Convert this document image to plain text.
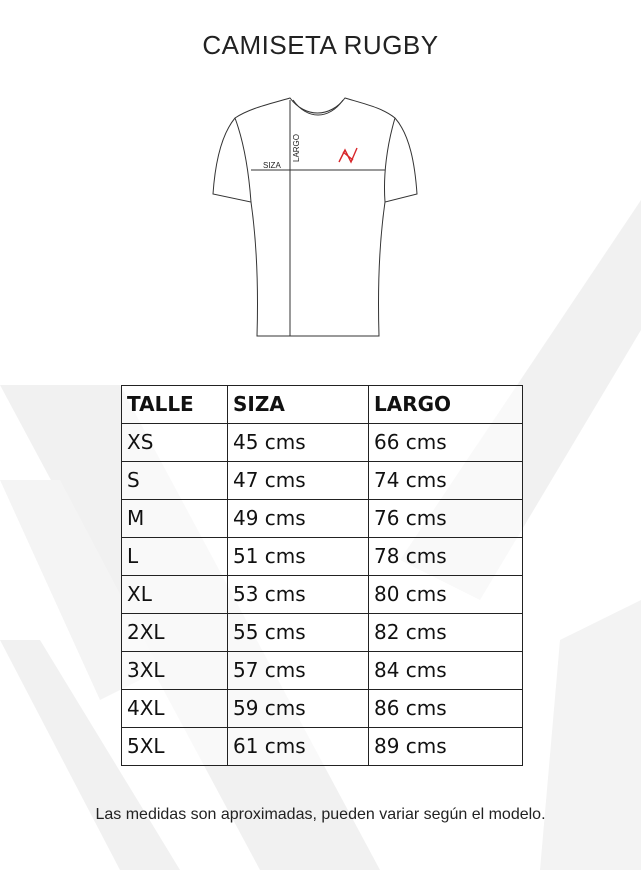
CAMISETA RUGBY
SIZA
LARGO
TALLE	SIZA	LARGO
XS	45 cms	66 cms
S	47 cms	74 cms
M	49 cms	76 cms
L	51 cms	78 cms
XL	53 cms	80 cms
2XL	55 cms	82 cms
3XL	57 cms	84 cms
4XL	59 cms	86 cms
5XL	61 cms	89 cms
Las medidas son aproximadas, pueden variar según el modelo.
